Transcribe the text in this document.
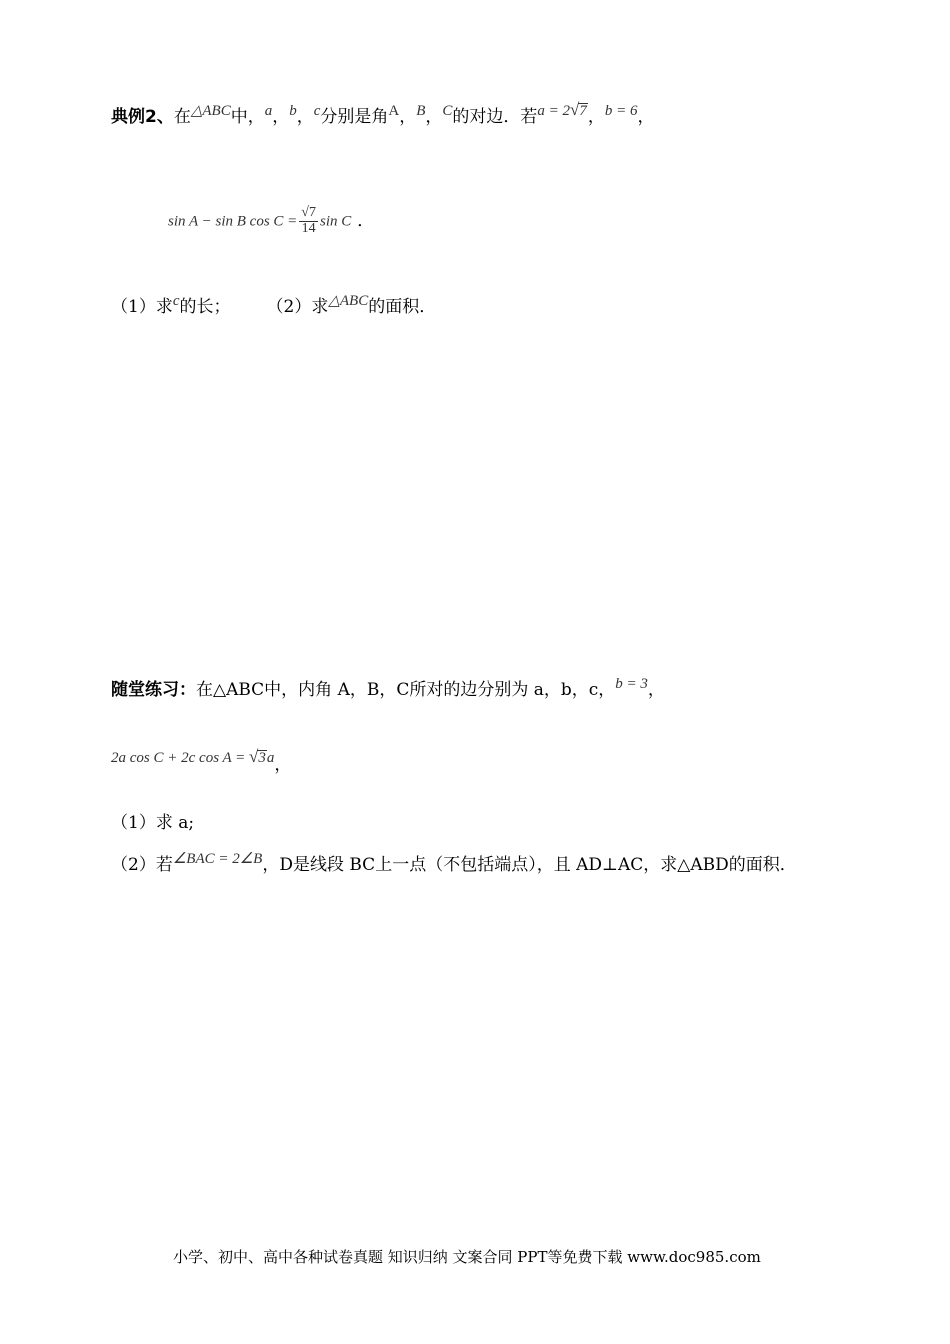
典例2、在△ABC中，a，b，c分别是角A，B，C的对边．若a = 2√7，b = 6，
sin A − sin B $\cos C = \frac{√7}{14}$ sin C ．
（1）求c的长； （2）求△ABC的面积．
随堂练习：在△ABC中，内角 A，B，C所对的边分别为 a，b，c，b = 3，
2a cos C + 2c cos A = √3a，
（1）求 a;
（2）若∠BAC = 2∠B，D是线段 BC上一点（不包括端点），且 AD⊥AC，求△ABD的面积．
小学、初中、高中各种试卷真题 知识归纳 文案合同 PPT等免费下载 www.doc985.com
